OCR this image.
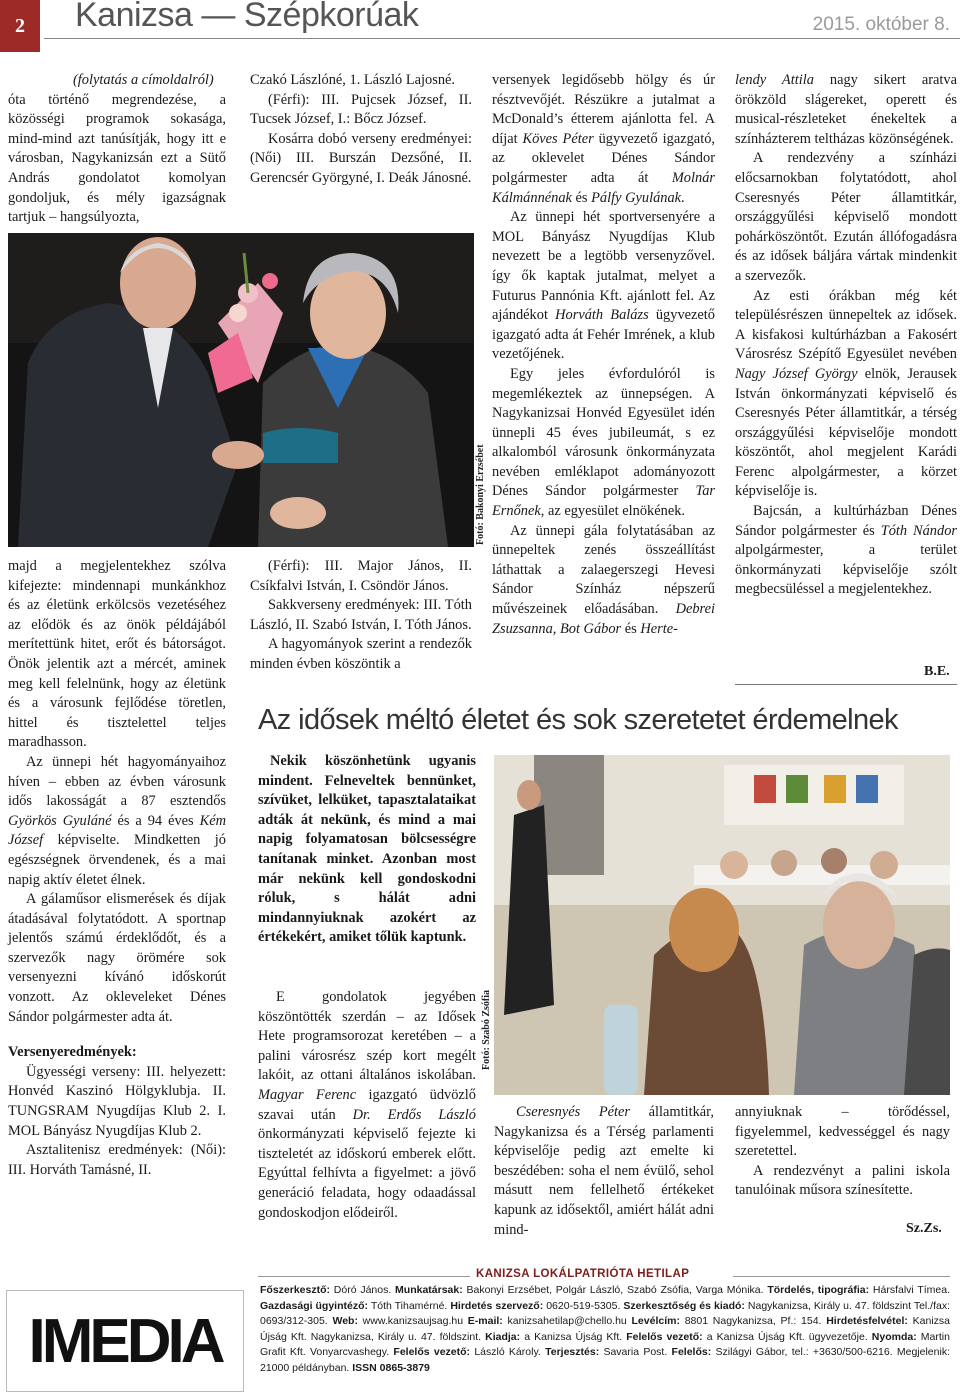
2	Kanizsa — Szépkorúak	2015. október 8.

(folytatás a címoldalról)

óta történő megrendezése, a közösségi programok sokasága, mind-mind azt tanúsítják, hogy itt e városban, Nagykanizsán ezt a Sütő András gondolatot komolyan gondoljuk, és mély igazságnak tartjuk – hangsúlyozta,

Fotó: Bakonyi Erzsébet

majd a megjelentekhez szólva kifejezte: mindennapi munkánkhoz és az életünk erkölcsös vezetéséhez az elődök és az önök példájából merítettünk hitet, erőt és bátorságot. Önök jelentik azt a mércét, aminek meg kell felelnünk, hogy az életünk és a városunk fejlődése töretlen, hittel és tisztelettel teljes maradhasson.

Az ünnepi hét hagyományaihoz híven – ebben az évben városunk idős lakosságát a 87 esztendős Györkös Gyuláné és a 94 éves Kém József képviselte. Mindketten jó egészségnek örvendenek, és a mai napig aktív életet élnek.

A gálaműsor elismerések és díjak átadásával folytatódott. A sportnap jelentős számú érdeklődőt, és a szervezők nagy örömére sok versenyezni kívánó időskorút vonzott. Az okleveleket Dénes Sándor polgármester adta át.

Versenyeredmények:

Ügyességi verseny: III. helyezett: Honvéd Kaszinó Hölgyklubja. II. TUNGSRAM Nyugdíjas Klub 2. I. MOL Bányász Nyugdíjas Klub 2.

Asztalitenisz eredmények: (Női): III. Horváth Tamásné, II.

Czakó Lászlóné, 1. László Lajosné.

(Férfi): III. Pujcsek József, II. Tucsek József, I.: Bőcz József.

Kosárra dobó verseny eredményei: (Női) III. Burszán Dezsőné, II. Gerencsér Györgyné, I. Deák Jánosné.

(Férfi): III. Major János, II. Csíkfalvi István, I. Csöndör János.

Sakkverseny eredmények: III. Tóth László, II. Szabó István, I. Tóth János.

A hagyományok szerint a rendezők minden évben köszöntik a

versenyek legidősebb hölgy és úr résztvevőjét. Részükre a jutalmat a McDonald’s étterem ajánlotta fel. A díjat Köves Péter ügyvezető igazgató, az oklevelet Dénes Sándor polgármester adta át Molnár Kálmánnénak és Pálfy Gyulának.

Az ünnepi hét sportversenyére a MOL Bányász Nyugdíjas Klub nevezett be a legtöbb versenyzővel. így ők kaptak jutalmat, melyet a Futurus Pannónia Kft. ajánlott fel. Az ajándékot Horváth Balázs ügyvezető igazgató adta át Fehér Imrének, a klub vezetőjének.

Egy jeles évfordulóról is megemlékeztek az ünnepségen. A Nagykanizsai Honvéd Egyesület idén ünnepli 45 éves jubileumát, s ez alkalomból városunk önkormányzata nevében emléklapot adományozott Dénes Sándor polgármester Tar Ernőnek, az egyesület elnökének.

Az ünnepi gála folytatásában az ünnepeltek zenés összeállítást láthattak a zalaegerszegi Hevesi Sándor Színház népszerű művészeinek előadásában. Debrei Zsuzsanna, Bot Gábor és Herte-

lendy Attila nagy sikert aratva örökzöld slágereket, operett és musical-részleteket énekeltek a színházterem teltházas közönségének.

A rendezvény a színházi előcsarnokban folytatódott, ahol Cseresnyés Péter államtitkár, országgyűlési képviselő mondott pohárköszöntőt. Ezután állófogadásra és az idősek báljára vártak mindenkit a szervezők.

Az esti órákban még két településrészen ünnepeltek az idősek. A kisfakosi kultúrházban a Fakosért Városrész Szépítő Egyesület nevében Nagy József György elnök, Jerausek István önkormányzati képviselő és Cseresnyés Péter államtitkár, a térség országgyűlési képviselője mondott köszöntőt, ahol megjelent Karádi Ferenc alpolgármester, a körzet képviselője is.

Bajcsán, a kultúrházban Dénes Sándor polgármester és Tóth Nándor alpolgármester, a terület önkormányzati képviselője szólt megbecsüléssel a megjelentekhez.

B.E.
Az idősek méltó életet és sok szeretetet érdemelnek

Nekik köszönhetünk ugyanis mindent. Felneveltek bennünket, szívüket, lelküket, tapasztalataikat adták át nekünk, és mind a mai napig folyamatosan bölcsességre tanítanak minket. Azonban most már nekünk kell gondoskodni róluk, s hálát adni mindannyiuknak azokért az értékekért, amiket tőlük kaptunk.

E gondolatok jegyében köszöntötték szerdán – az Idősek Hete programsorozat keretében – a palini városrész szép kort megélt lakóit, az ottani általános iskolában. Magyar Ferenc igazgató üdvözlő szavai után Dr. Erdős László önkormányzati képviselő fejezte ki tiszteletét az időskorú emberek előtt. Egyúttal felhívta a figyelmet: a jövő generáció feladata, hogy odaadással gondoskodjon elődeiről.

Fotó: Szabó Zsófia

Cseresnyés Péter államtitkár, Nagykanizsa és a Térség parlamenti képviselője pedig azt emelte ki beszédében: soha el nem évülő, sehol másutt nem fellelhető értékeket kapunk az idősektől, amiért hálát adni mind-

annyiuknak – törődéssel, figyelemmel, kedvességgel és nagy szeretettel.

A rendezvényt a palini iskola tanulóinak műsora színesítette.

Sz.Zs.
KANIZSA LOKÁLPATRIÓTA HETILAP
IMEDIA
Főszerkesztő: Dóró János. Munkatársak: Bakonyi Erzsébet, Polgár László, Szabó Zsófia, Varga Mónika. Tördelés, tipográfia: Hársfalvi Tímea. Gazdasági ügyintéző: Tóth Tihamérné. Hirdetés szervező: 0620-519-5305. Szerkesztőség és kiadó: Nagykanizsa, Király u. 47. földszint Tel./fax: 0693/312-305. Web: www.kanizsaujsag.hu E-mail: kanizsahetilap@chello.hu Levélcím: 8801 Nagykanizsa, Pf.: 154. Hirdetésfelvétel: Kanizsa Újság Kft. Nagykanizsa, Király u. 47. földszint. Kiadja: a Kanizsa Újság Kft. Felelős vezető: a Kanizsa Újság Kft. ügyvezetője. Nyomda: Martin Grafit Kft. Vonyarcvashegy. Felelős vezető: László Károly. Terjesztés: Savaria Post. Felelős: Szilágyi Gábor, tel.: +3630/500-6216. Megjelenik: 21000 példányban. ISSN 0865-3879
